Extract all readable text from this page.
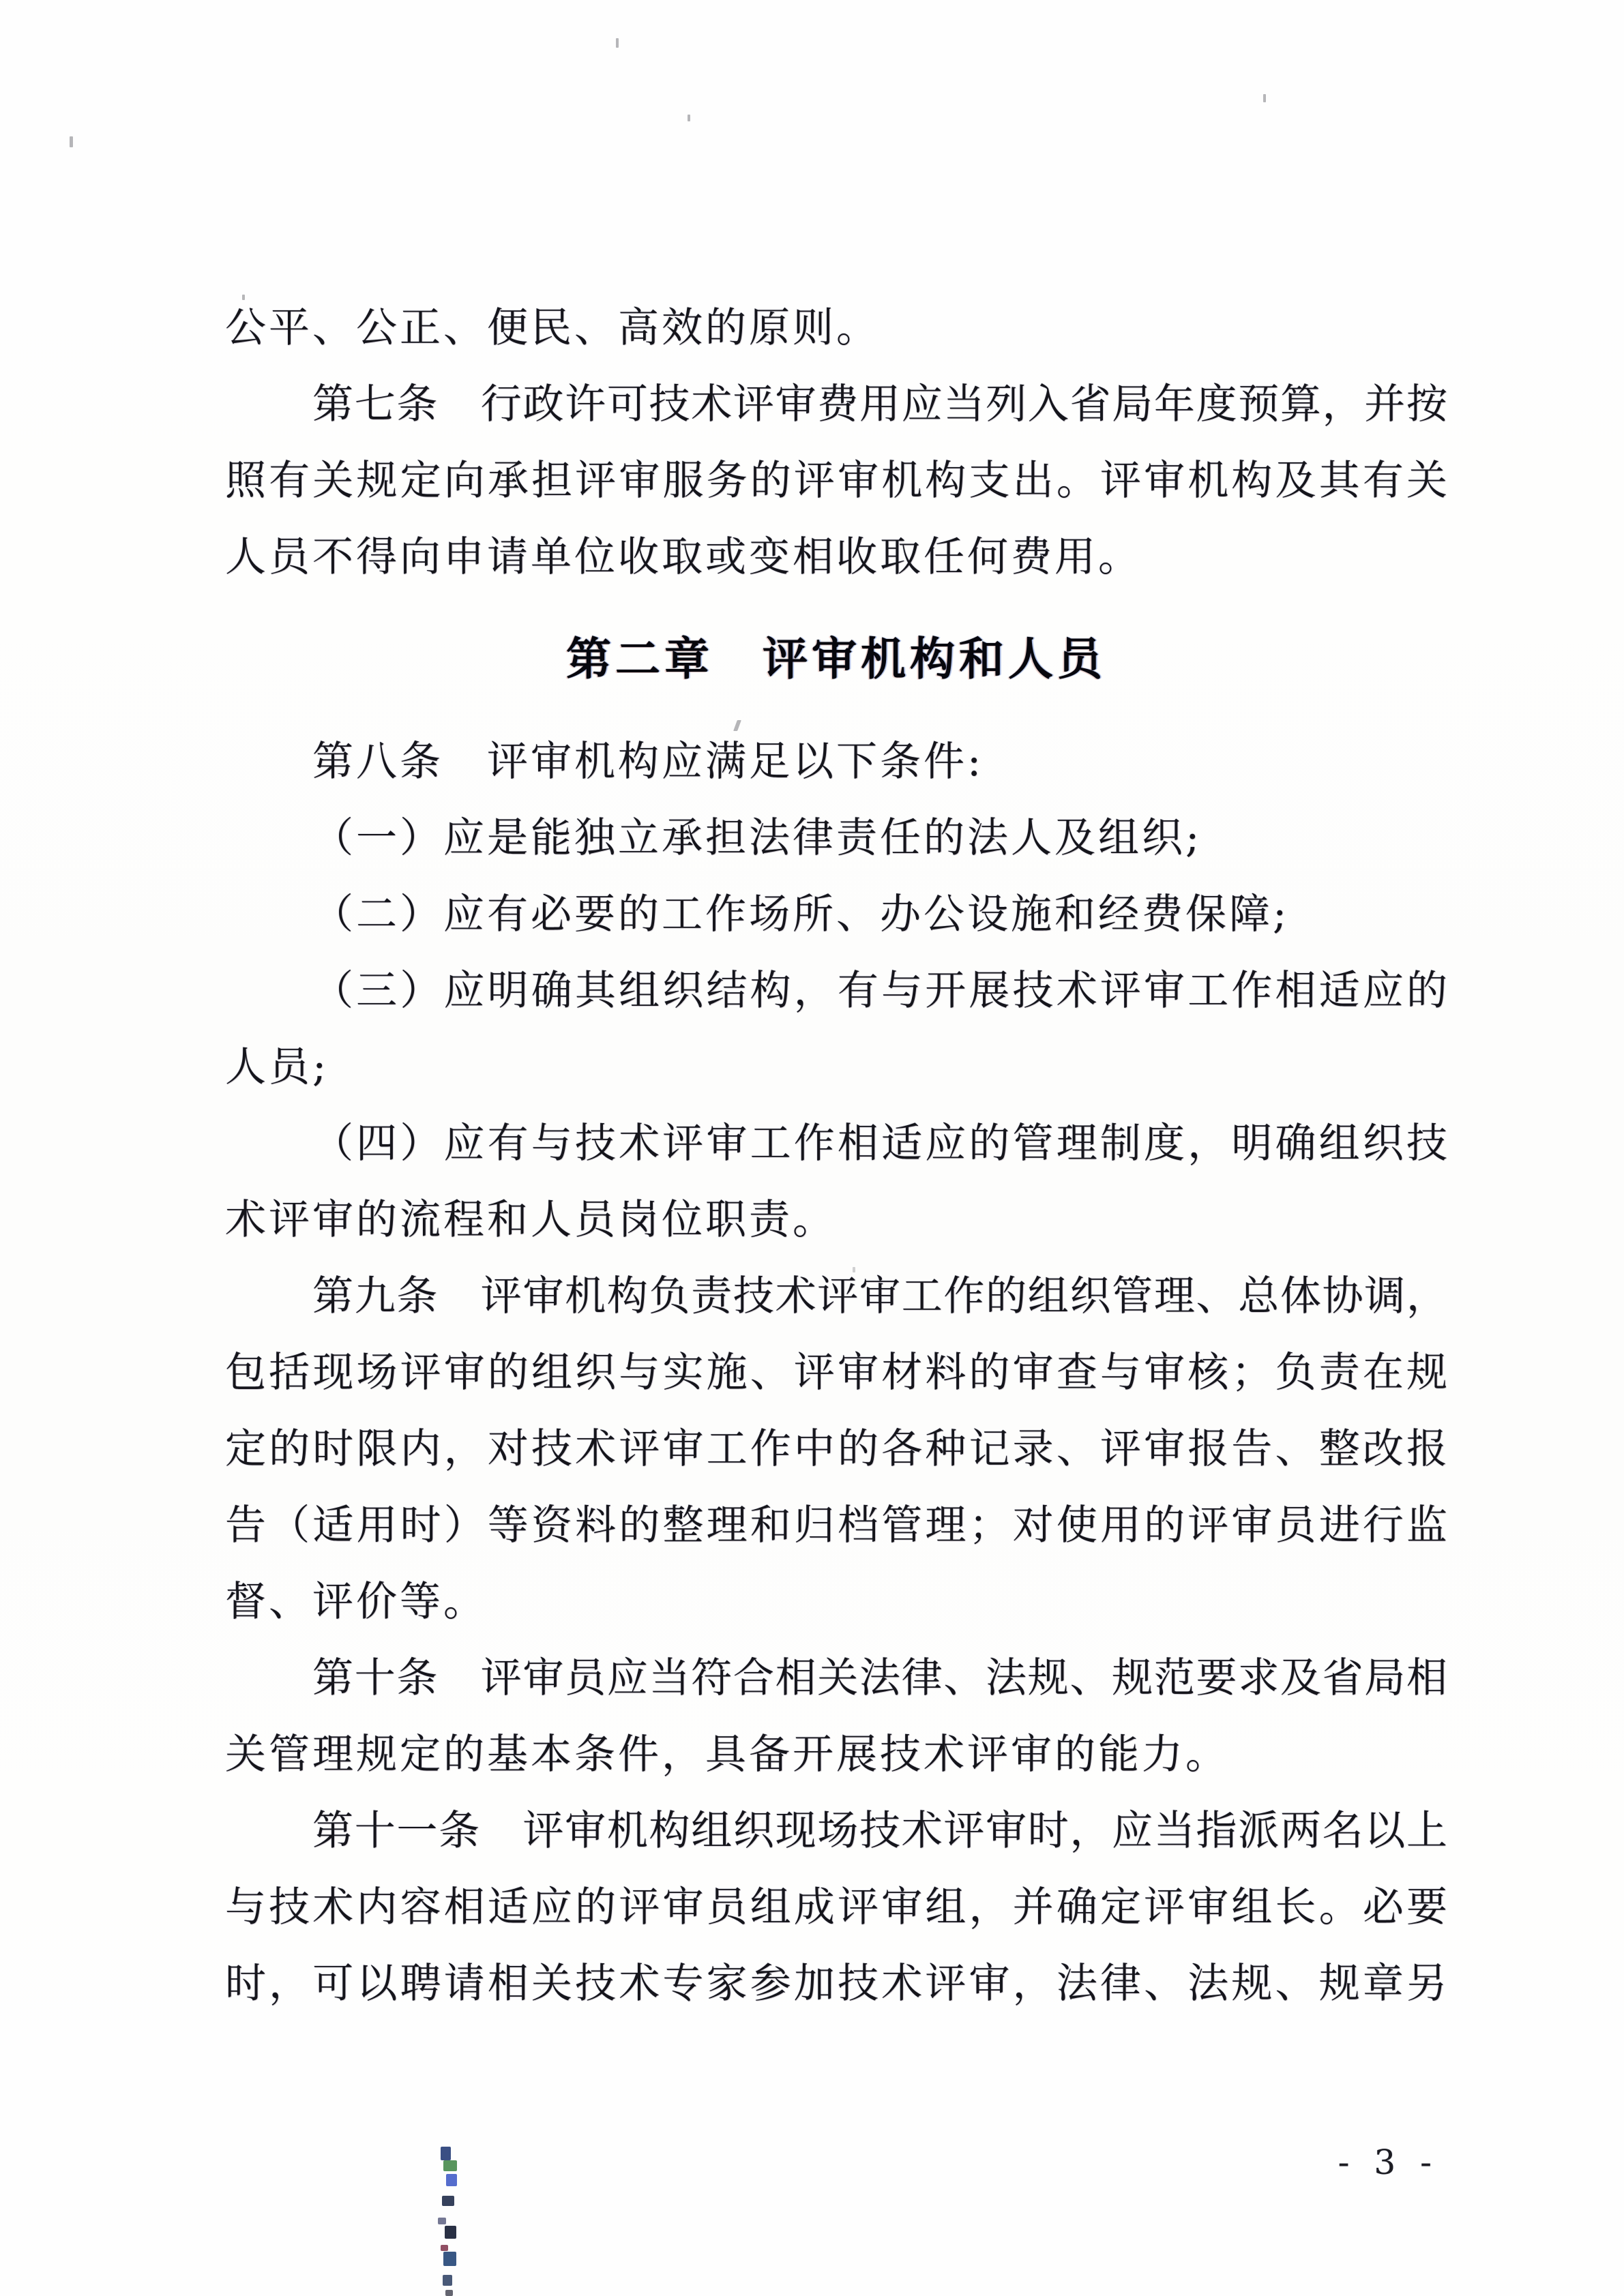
公平、公正、便民、高效的原则。
第七条　行政许可技术评审费用应当列入省局年度预算，并按
照有关规定向承担评审服务的评审机构支出。评审机构及其有关
人员不得向申请单位收取或变相收取任何费用。
第二章　评审机构和人员
第八条　评审机构应满足以下条件:
（一）应是能独立承担法律责任的法人及组织;
（二）应有必要的工作场所、办公设施和经费保障;
（三）应明确其组织结构，有与开展技术评审工作相适应的
人员;
（四）应有与技术评审工作相适应的管理制度，明确组织技
术评审的流程和人员岗位职责。
第九条　评审机构负责技术评审工作的组织管理、总体协调，
包括现场评审的组织与实施、评审材料的审查与审核；负责在规
定的时限内，对技术评审工作中的各种记录、评审报告、整改报
告（适用时）等资料的整理和归档管理；对使用的评审员进行监
督、评价等。
第十条　评审员应当符合相关法律、法规、规范要求及省局相
关管理规定的基本条件，具备开展技术评审的能力。
第十一条　评审机构组织现场技术评审时，应当指派两名以上
与技术内容相适应的评审员组成评审组，并确定评审组长。必要
时，可以聘请相关技术专家参加技术评审，法律、法规、规章另
- 3 -
